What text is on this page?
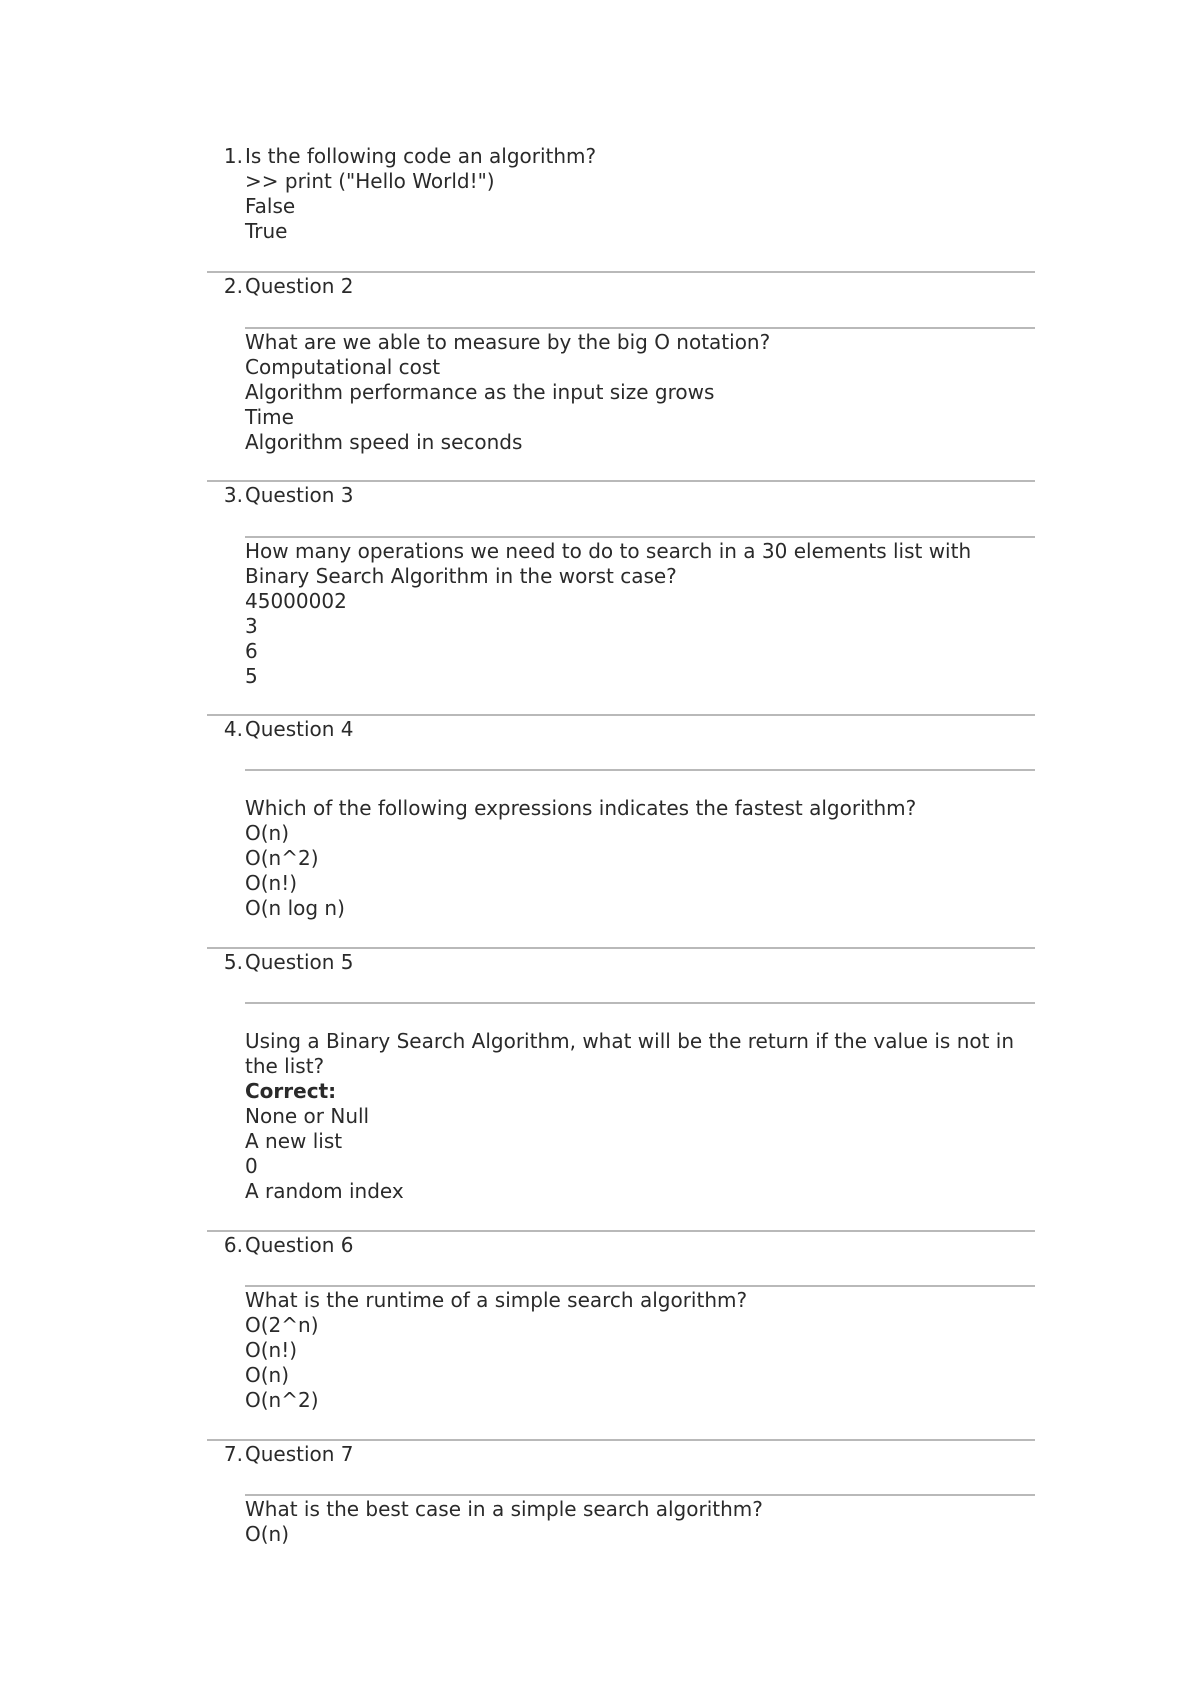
1. Is the following code an algorithm?
>> print ("Hello World!")
False
True
2. Question 2
What are we able to measure by the big O notation?
Computational cost
Algorithm performance as the input size grows
Time
Algorithm speed in seconds
3. Question 3
How many operations we need to do to search in a 30 elements list with Binary Search Algorithm in the worst case?
45000002
3
6
5
4. Question 4
Which of the following expressions indicates the fastest algorithm?
O(n)
O(n^2)
O(n!)
O(n log n)
5. Question 5
Using a Binary Search Algorithm, what will be the return if the value is not in the list?
Correct:
None or Null
A new list
0
A random index
6. Question 6
What is the runtime of a simple search algorithm?
O(2^n)
O(n!)
O(n)
O(n^2)
7. Question 7
What is the best case in a simple search algorithm?
O(n)
